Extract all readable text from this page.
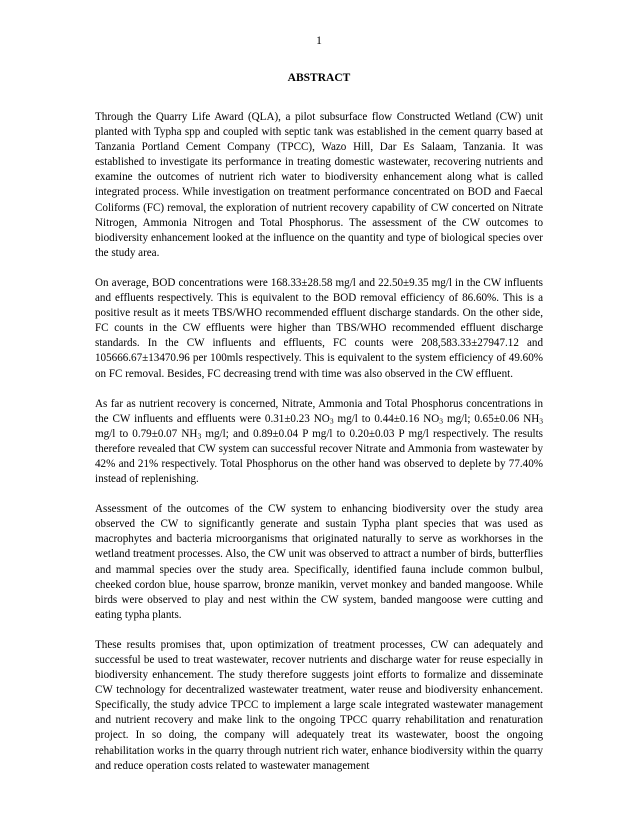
1
ABSTRACT

Through the Quarry Life Award (QLA), a pilot subsurface flow Constructed Wetland (CW) unit planted with Typha spp and coupled with septic tank was established in the cement quarry based at Tanzania Portland Cement Company (TPCC), Wazo Hill, Dar Es Salaam, Tanzania. It was established to investigate its performance in treating domestic wastewater, recovering nutrients and examine the outcomes of nutrient rich water to biodiversity enhancement along what is called integrated process. While investigation on treatment performance concentrated on BOD and Faecal Coliforms (FC) removal, the exploration of nutrient recovery capability of CW concerted on Nitrate Nitrogen, Ammonia Nitrogen and Total Phosphorus. The assessment of the CW outcomes to biodiversity enhancement looked at the influence on the quantity and type of biological species over the study area.

On average, BOD concentrations were 168.33±28.58 mg/l and 22.50±9.35 mg/l in the CW influents and effluents respectively. This is equivalent to the BOD removal efficiency of 86.60%. This is a positive result as it meets TBS/WHO recommended effluent discharge standards. On the other side, FC counts in the CW effluents were higher than TBS/WHO recommended effluent discharge standards. In the CW influents and effluents, FC counts were 208,583.33±27947.12 and 105666.67±13470.96 per 100mls respectively. This is equivalent to the system efficiency of 49.60% on FC removal. Besides, FC decreasing trend with time was also observed in the CW effluent.

As far as nutrient recovery is concerned, Nitrate, Ammonia and Total Phosphorus concentrations in the CW influents and effluents were 0.31±0.23 $NO_3$ mg/l to 0.44±0.16 $NO_3$ mg/l; 0.65±0.06 $NH_3$ mg/l to 0.79±0.07 $NH_3$ mg/l; and 0.89±0.04 P mg/l to 0.20±0.03 P mg/l respectively. The results therefore revealed that CW system can successful recover Nitrate and Ammonia from wastewater by 42% and 21% respectively. Total Phosphorus on the other hand was observed to deplete by 77.40% instead of replenishing.

Assessment of the outcomes of the CW system to enhancing biodiversity over the study area observed the CW to significantly generate and sustain Typha plant species that was used as macrophytes and bacteria microorganisms that originated naturally to serve as workhorses in the wetland treatment processes. Also, the CW unit was observed to attract a number of birds, butterflies and mammal species over the study area. Specifically, identified fauna include common bulbul, cheeked cordon blue, house sparrow, bronze manikin, vervet monkey and banded mangoose. While birds were observed to play and nest within the CW system, banded mangoose were cutting and eating typha plants.

These results promises that, upon optimization of treatment processes, CW can adequately and successful be used to treat wastewater, recover nutrients and discharge water for reuse especially in biodiversity enhancement. The study therefore suggests joint efforts to formalize and disseminate CW technology for decentralized wastewater treatment, water reuse and biodiversity enhancement. Specifically, the study advice TPCC to implement a large scale integrated wastewater management and nutrient recovery and make link to the ongoing TPCC quarry rehabilitation and renaturation project. In so doing, the company will adequately treat its wastewater, boost the ongoing rehabilitation works in the quarry through nutrient rich water, enhance biodiversity within the quarry and reduce operation costs related to wastewater management
